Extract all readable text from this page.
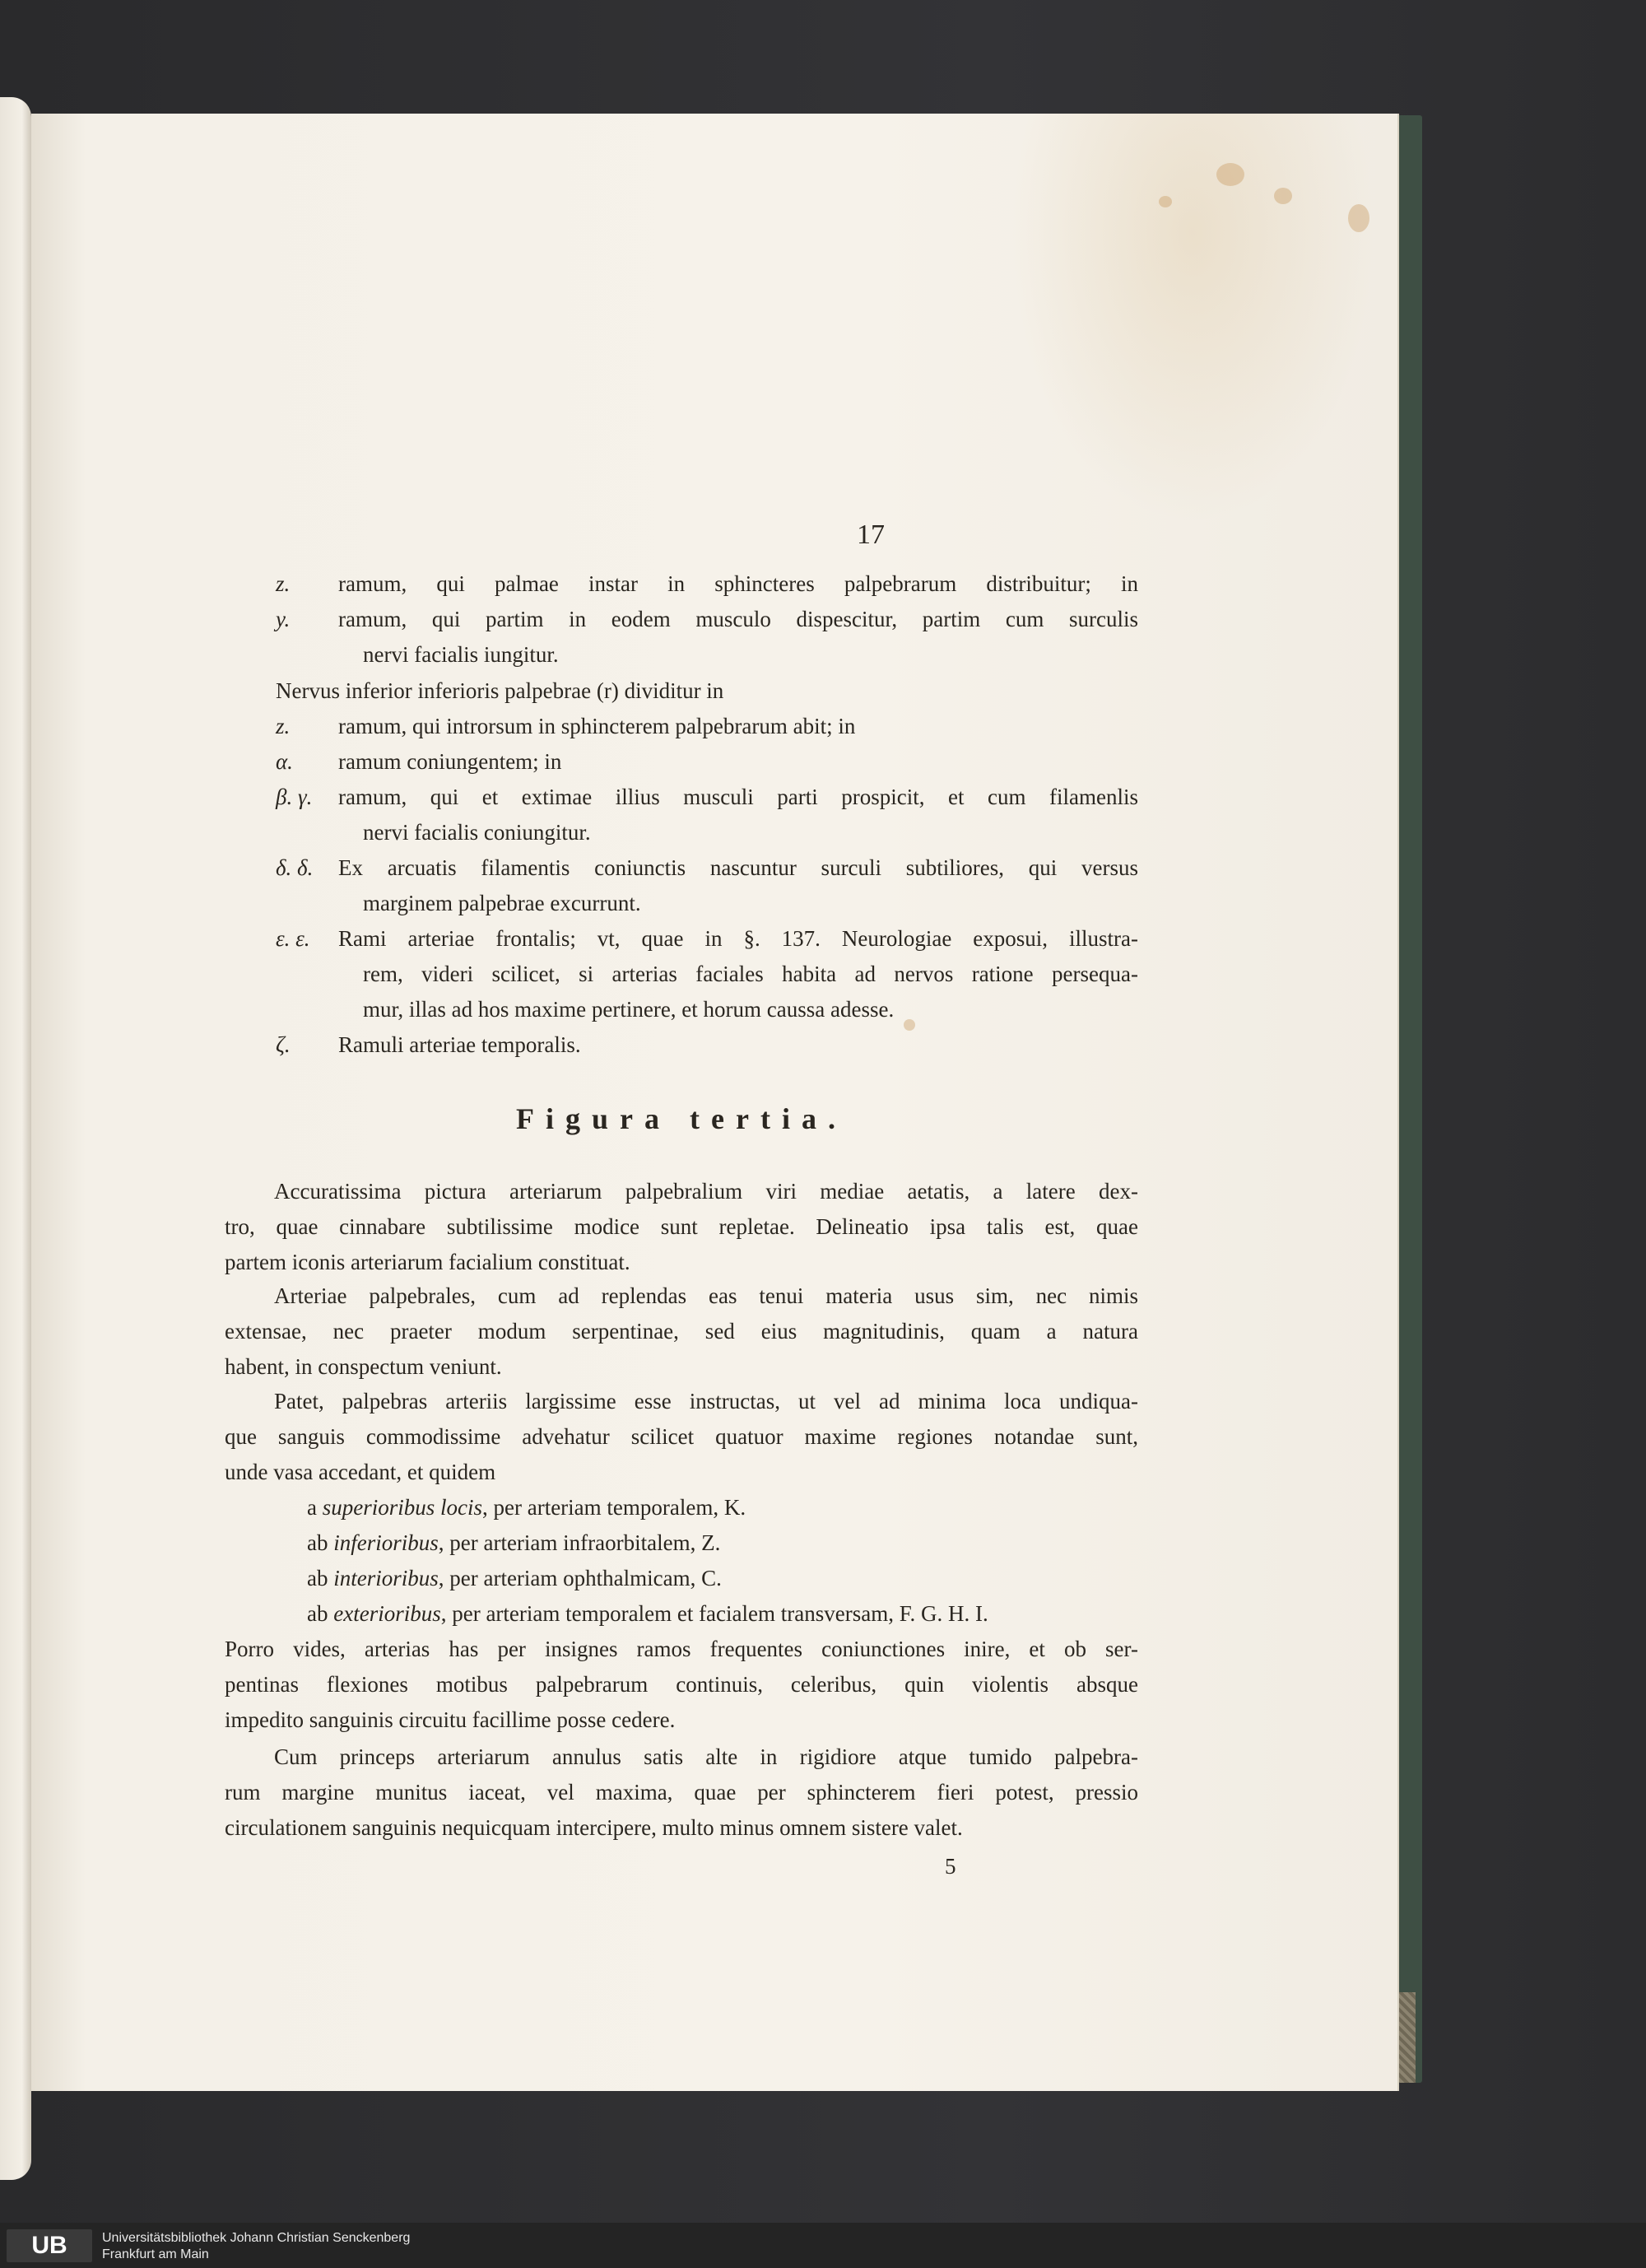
17
z. ramum, qui palmae instar in sphincteres palpebrarum distribuitur; in
y. ramum, qui partim in eodem musculo dispescitur, partim cum surculis
nervi facialis iungitur.
Nervus inferior inferioris palpebrae (r) dividitur in
z. ramum, qui introrsum in sphincterem palpebrarum abit; in
α. ramum coniungentem; in
β. γ. ramum, qui et extimae illius musculi parti prospicit, et cum filamenlis
nervi facialis coniungitur.
δ. δ. Ex arcuatis filamentis coniunctis nascuntur surculi subtiliores, qui versus
marginem palpebrae excurrunt.
ε. ε. Rami arteriae frontalis; vt, quae in §. 137. Neurologiae exposui, illustra-
rem, videri scilicet, si arterias faciales habita ad nervos ratione persequa-
mur, illas ad hos maxime pertinere, et horum caussa adesse.
ζ. Ramuli arteriae temporalis.
Figura tertia.
Accuratissima pictura arteriarum palpebralium viri mediae aetatis, a latere dex-
tro, quae cinnabare subtilissime modice sunt repletae. Delineatio ipsa talis est, quae
partem iconis arteriarum facialium constituat.
Arteriae palpebrales, cum ad replendas eas tenui materia usus sim, nec nimis
extensae, nec praeter modum serpentinae, sed eius magnitudinis, quam a natura
habent, in conspectum veniunt.
Patet, palpebras arteriis largissime esse instructas, ut vel ad minima loca undiqua-
que sanguis commodissime advehatur scilicet quatuor maxime regiones notandae sunt,
unde vasa accedant, et quidem
a superioribus locis, per arteriam temporalem, K.
ab inferioribus, per arteriam infraorbitalem, Z.
ab interioribus, per arteriam ophthalmicam, C.
ab exterioribus, per arteriam temporalem et facialem transversam, F. G. H. I.
Porro vides, arterias has per insignes ramos frequentes coniunctiones inire, et ob ser-
pentinas flexiones motibus palpebrarum continuis, celeribus, quin violentis absque
impedito sanguinis circuitu facillime posse cedere.
Cum princeps arteriarum annulus satis alte in rigidiore atque tumido palpebra-
rum margine munitus iaceat, vel maxima, quae per sphincterem fieri potest, pressio
circulationem sanguinis nequicquam intercipere, multo minus omnem sistere valet.
5
UB	Universitätsbibliothek Johann Christian Senckenberg
Frankfurt am Main
